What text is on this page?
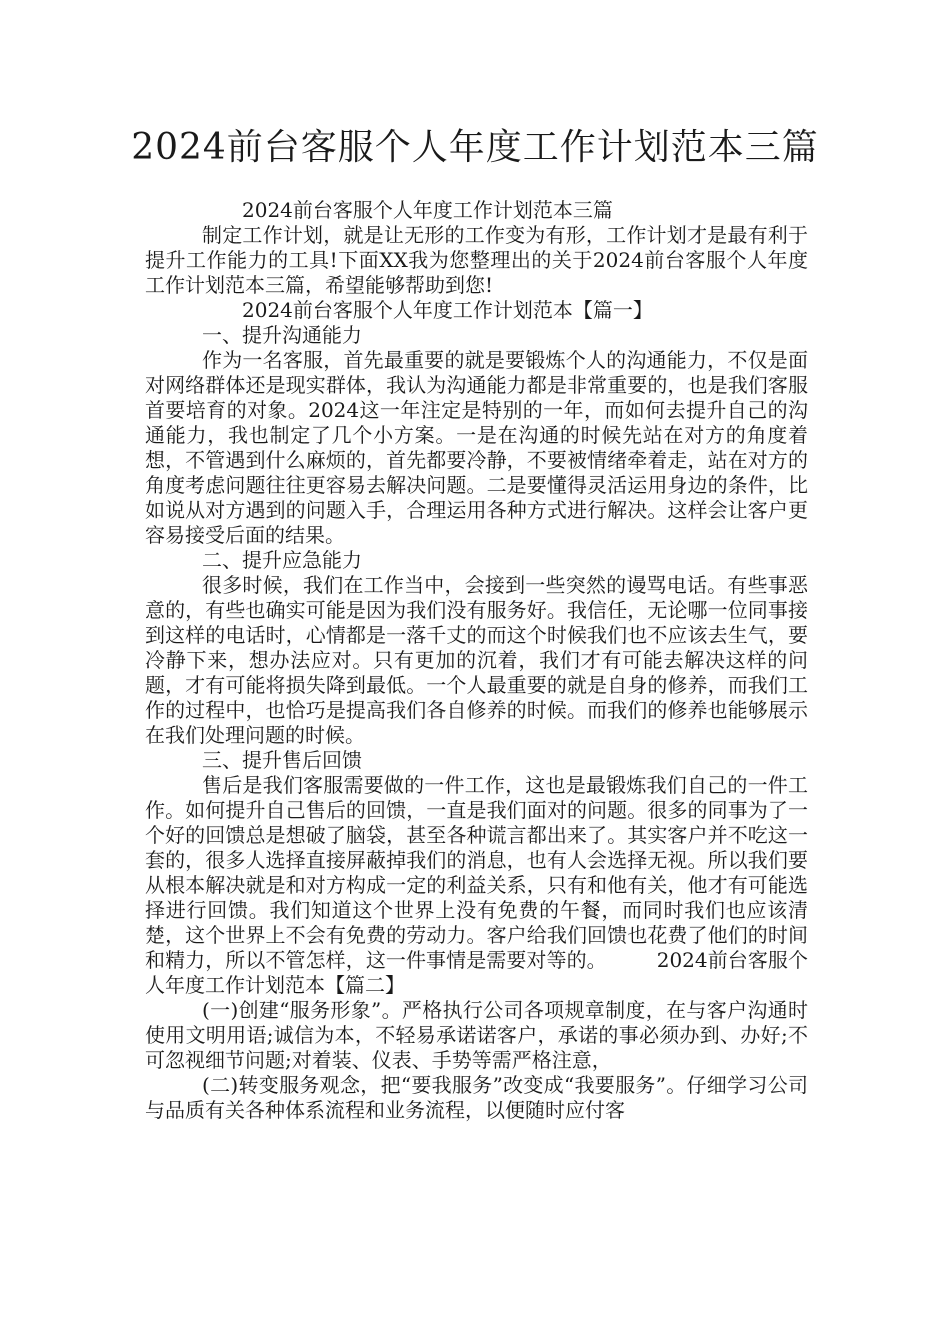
2024前台客服个人年度工作计划范本三篇

2024前台客服个人年度工作计划范本三篇

制定工作计划，就是让无形的工作变为有形，工作计划才是最有利于提升工作能力的工具!下面XX我为您整理出的关于2024前台客服个人年度工作计划范本三篇，希望能够帮助到您!

2024前台客服个人年度工作计划范本【篇一】

一、提升沟通能力

作为一名客服，首先最重要的就是要锻炼个人的沟通能力，不仅是面对网络群体还是现实群体，我认为沟通能力都是非常重要的，也是我们客服首要培育的对象。2024这一年注定是特别的一年，而如何去提升自己的沟通能力，我也制定了几个小方案。一是在沟通的时候先站在对方的角度着想，不管遇到什么麻烦的，首先都要冷静，不要被情绪牵着走，站在对方的角度考虑问题往往更容易去解决问题。二是要懂得灵活运用身边的条件，比如说从对方遇到的问题入手，合理运用各种方式进行解决。这样会让客户更容易接受后面的结果。

二、提升应急能力

很多时候，我们在工作当中，会接到一些突然的谩骂电话。有些事恶意的，有些也确实可能是因为我们没有服务好。我信任，无论哪一位同事接到这样的电话时，心情都是一落千丈的而这个时候我们也不应该去生气，要冷静下来，想办法应对。只有更加的沉着，我们才有可能去解决这样的问题，才有可能将损失降到最低。一个人最重要的就是自身的修养，而我们工作的过程中，也恰巧是提高我们各自修养的时候。而我们的修养也能够展示在我们处理问题的时候。

三、提升售后回馈

售后是我们客服需要做的一件工作，这也是最锻炼我们自己的一件工作。如何提升自己售后的回馈，一直是我们面对的问题。很多的同事为了一个好的回馈总是想破了脑袋，甚至各种谎言都出来了。其实客户并不吃这一套的，很多人选择直接屏蔽掉我们的消息，也有人会选择无视。所以我们要从根本解决就是和对方构成一定的利益关系，只有和他有关，他才有可能选择进行回馈。我们知道这个世界上没有免费的午餐，而同时我们也应该清楚，这个世界上不会有免费的劳动力。客户给我们回馈也花费了他们的时间和精力，所以不管怎样，这一件事情是需要对等的。	2024前台客服个人年度工作计划范本【篇二】

(一)创建“服务形象”。严格执行公司各项规章制度，在与客户沟通时使用文明用语;诚信为本，不轻易承诺诺客户，承诺的事必须办到、办好;不可忽视细节问题;对着装、仪表、手势等需严格注意，

(二)转变服务观念，把“要我服务”改变成“我要服务”。仔细学习公司与品质有关各种体系流程和业务流程，以便随时应付客
